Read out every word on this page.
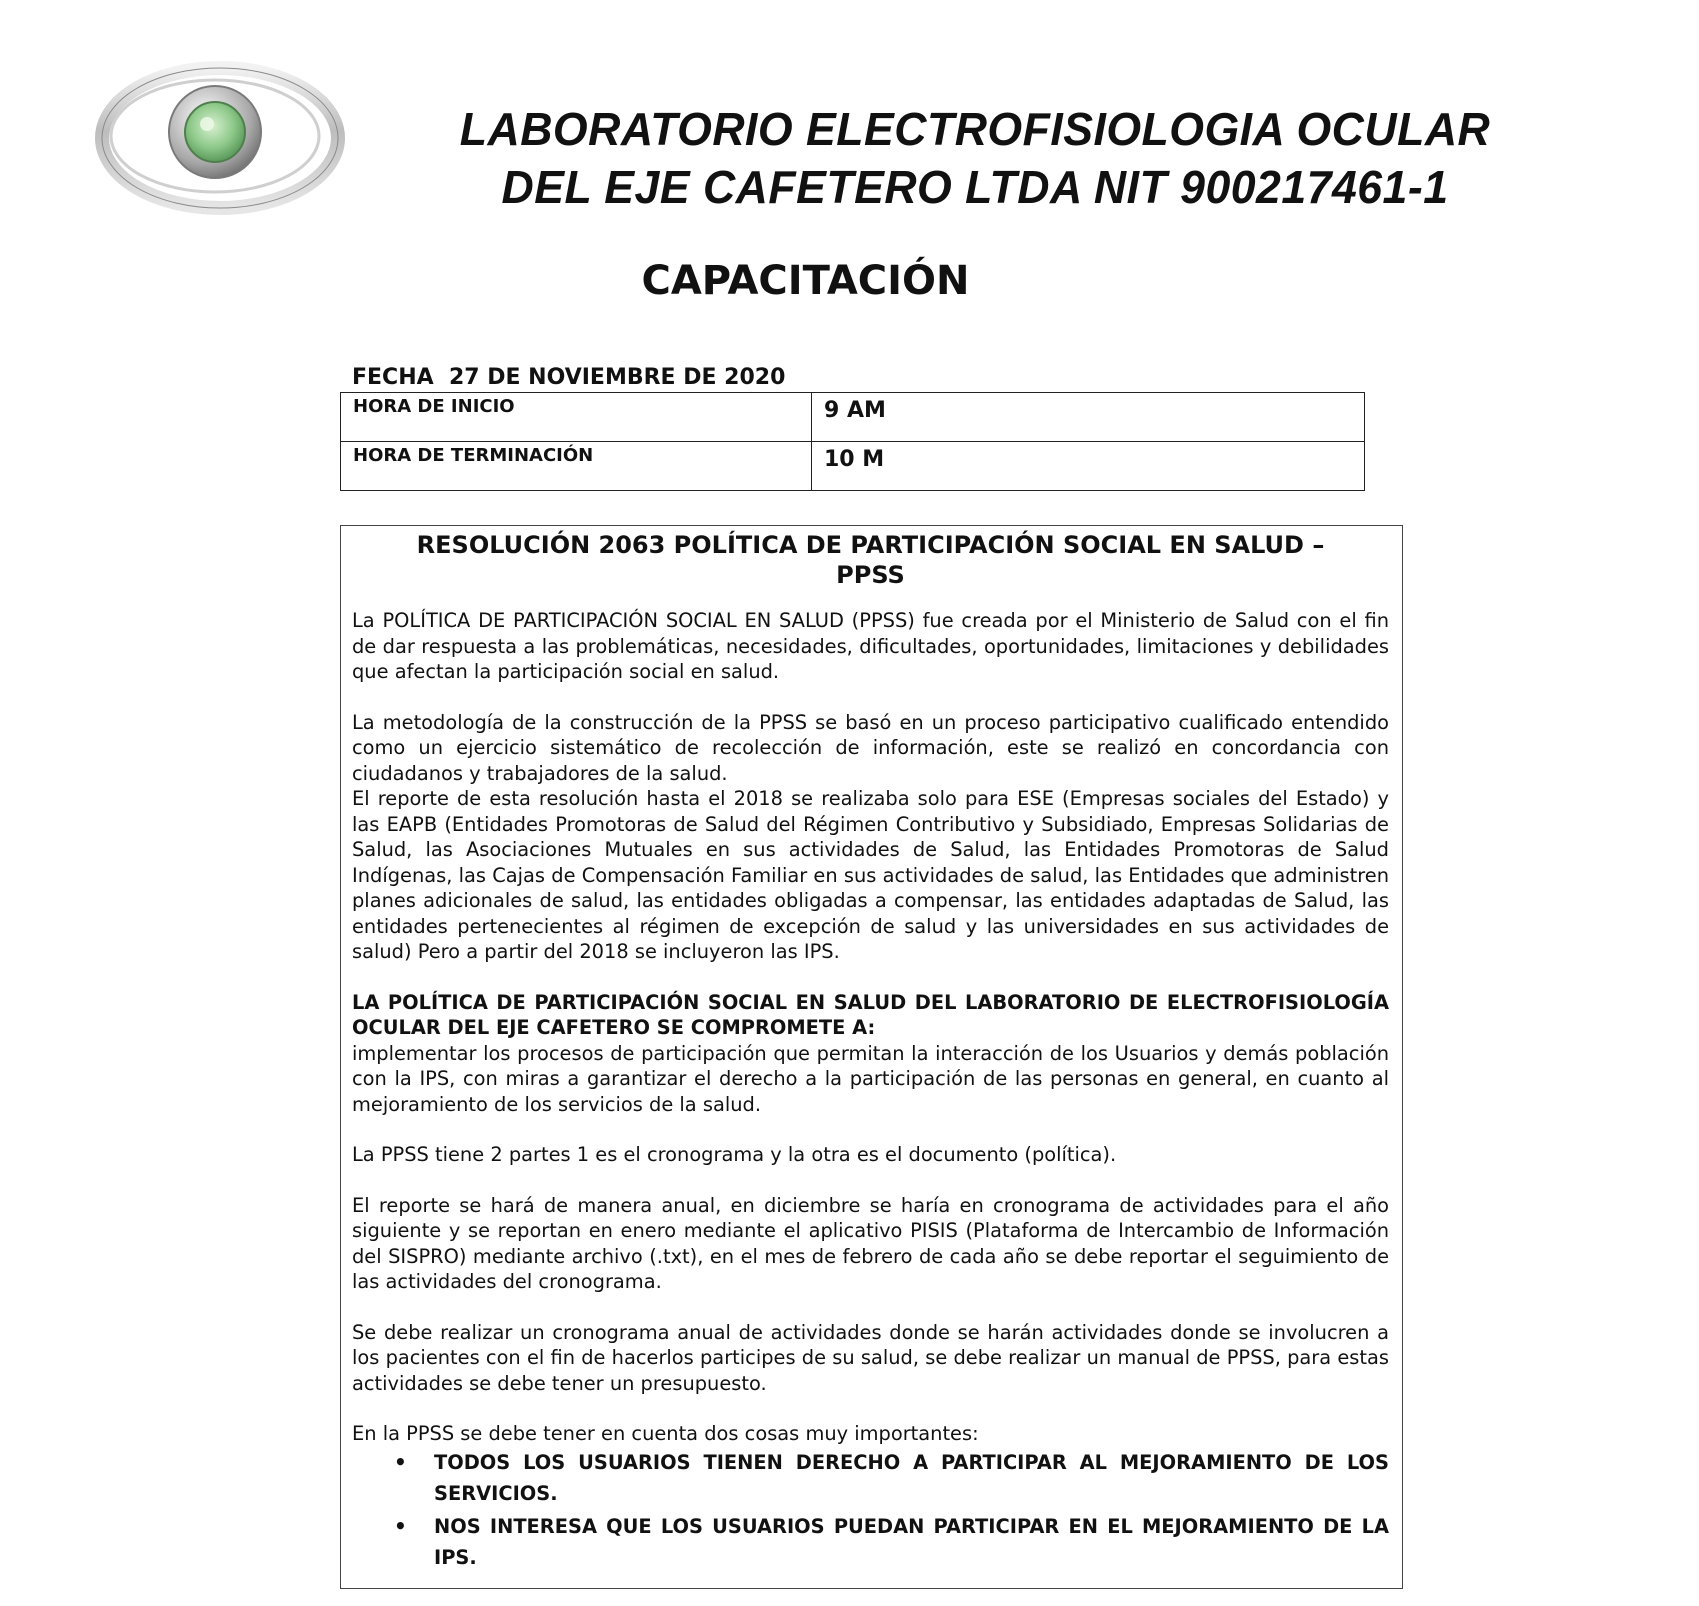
LABORATORIO ELECTROFISIOLOGIA OCULAR
DEL EJE CAFETERO LTDA NIT 900217461-1
CAPACITACIÓN
FECHA  27 DE NOVIEMBRE DE 2020
HORA DE INICIO	9 AM
HORA DE TERMINACIÓN	10 M
RESOLUCIÓN 2063 POLÍTICA DE PARTICIPACIÓN SOCIAL EN SALUD –
PPSS

La POLÍTICA DE PARTICIPACIÓN SOCIAL EN SALUD (PPSS) fue creada por el Ministerio de Salud con el fin de dar respuesta a las problemáticas, necesidades, dificultades, oportunidades, limitaciones y debilidades que afectan la participación social en salud.

La metodología de la construcción de la PPSS se basó en un proceso participativo cualificado entendido como un ejercicio sistemático de recolección de información, este se realizó en concordancia con ciudadanos y trabajadores de la salud.

El reporte de esta resolución hasta el 2018 se realizaba solo para ESE (Empresas sociales del Estado) y las EAPB (Entidades Promotoras de Salud del Régimen Contributivo y Subsidiado, Empresas Solidarias de Salud, las Asociaciones Mutuales en sus actividades de Salud, las Entidades Promotoras de Salud Indígenas, las Cajas de Compensación Familiar en sus actividades de salud, las Entidades que administren planes adicionales de salud, las entidades obligadas a compensar, las entidades adaptadas de Salud, las entidades pertenecientes al régimen de excepción de salud y las universidades en sus actividades de salud) Pero a partir del 2018 se incluyeron las IPS.

LA POLÍTICA DE PARTICIPACIÓN SOCIAL EN SALUD DEL LABORATORIO DE ELECTROFISIOLOGÍA OCULAR DEL EJE CAFETERO SE COMPROMETE A:

implementar los procesos de participación que permitan la interacción de los Usuarios y demás población con la IPS, con miras a garantizar el derecho a la participación de las personas en general, en cuanto al mejoramiento de los servicios de la salud.

La PPSS tiene 2 partes 1 es el cronograma y la otra es el documento (política).

El reporte se hará de manera anual, en diciembre se haría en cronograma de actividades para el año siguiente y se reportan en enero mediante el aplicativo PISIS (Plataforma de Intercambio de Información del SISPRO) mediante archivo (.txt), en el mes de febrero de cada año se debe reportar el seguimiento de las actividades del cronograma.

Se debe realizar un cronograma anual de actividades donde se harán actividades donde se involucren a los pacientes con el fin de hacerlos participes de su salud, se debe realizar un manual de PPSS, para estas actividades se debe tener un presupuesto.

En la PPSS se debe tener en cuenta dos cosas muy importantes:

• TODOS LOS USUARIOS TIENEN DERECHO A PARTICIPAR AL MEJORAMIENTO DE LOS SERVICIOS.
• NOS INTERESA QUE LOS USUARIOS PUEDAN PARTICIPAR EN EL MEJORAMIENTO DE LA IPS.
